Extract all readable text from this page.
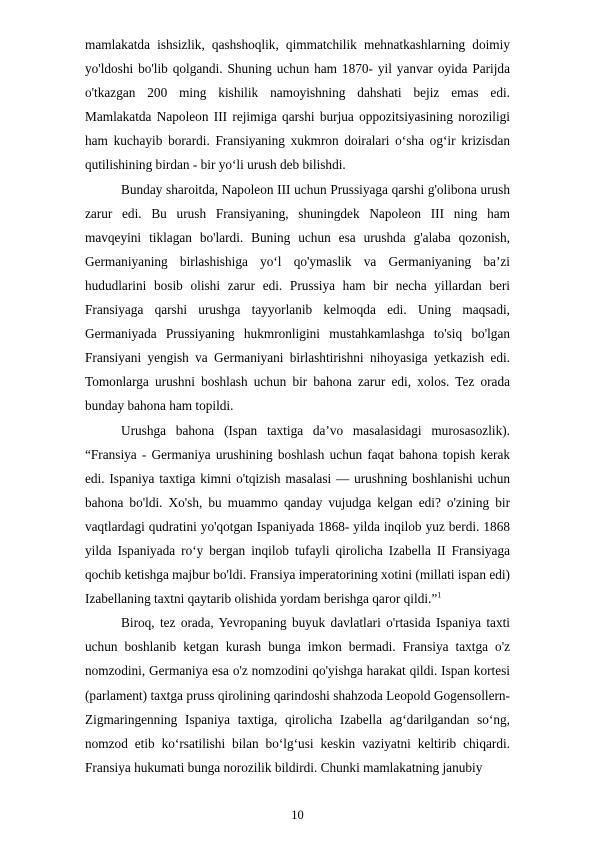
mamlakatda ishsizlik, qashshoqlik, qimmatchilik mehnatkashlarning doimiy yo'ldoshi bo'lib qolgandi. Shuning uchun ham 1870- yil yanvar oyida Parijda o'tkazgan 200 ming kishilik namoyishning dahshati bejiz emas edi. Mamlakatda Napoleon III rejimiga qarshi burjua oppozitsiyasining noroziligi ham kuchayib borardi. Fransiyaning xukmron doiralari o‘sha og‘ir krizisdan qutilishining birdan - bir yo‘li urush deb bilishdi.

Bunday sharoitda, Napoleon III uchun Prussiyaga qarshi g'olibona urush zarur edi. Bu urush Fransiyaning, shuningdek Napoleon III ning ham mavqeyini tiklagan bo'lardi. Buning uchun esa urushda g'alaba qozonish, Germaniyaning birlashishiga yo‘l qo'ymaslik va Germaniyaning ba’zi hududlarini bosib olishi zarur edi. Prussiya ham bir necha yillardan beri Fransiyaga qarshi urushga tayyorlanib kelmoqda edi. Uning maqsadi, Germaniyada Prussiyaning hukmronligini mustahkamlashga to'siq bo'lgan Fransiyani yengish va Germaniyani birlashtirishni nihoyasiga yetkazish edi. Tomonlarga urushni boshlash uchun bir bahona zarur edi, xolos. Tez orada bunday bahona ham topildi.

Urushga bahona (Ispan taxtiga da’vo masalasidagi murosasozlik). “Fransiya - Germaniya urushining boshlash uchun faqat bahona topish kerak edi. Ispaniya taxtiga kimni o'tqizish masalasi — urushning boshlanishi uchun bahona bo'ldi. Xo'sh, bu muammo qanday vujudga kelgan edi? o'zining bir vaqtlardagi qudratini yo'qotgan Ispaniyada 1868- yilda inqilob yuz berdi. 1868 yilda Ispaniyada ro‘y bergan inqilob tufayli qirolicha Izabella II Fransiyaga qochib ketishga majbur bo'ldi. Fransiya imperatorining xotini (millati ispan edi) Izabellaning taxtni qaytarib olishida yordam berishga qaror qildi.”$^1$

Biroq, tez orada, Yevropaning buyuk davlatlari o'rtasida Ispaniya taxti uchun boshlanib ketgan kurash bunga imkon bermadi. Fransiya taxtga o'z nomzodini, Germaniya esa o'z nomzodini qo'yishga harakat qildi. Ispan kortesi (parlament) taxtga pruss qirolining qarindoshi shahzoda Leopold Gogensollern-Zigmaringenning Ispaniya taxtiga, qirolicha Izabella ag‘darilgandan so‘ng, nomzod etib ko‘rsatilishi bilan bo‘lg‘usi keskin vaziyatni keltirib chiqardi. Fransiya hukumati bunga norozilik bildirdi. Chunki mamlakatning janubiy

10
